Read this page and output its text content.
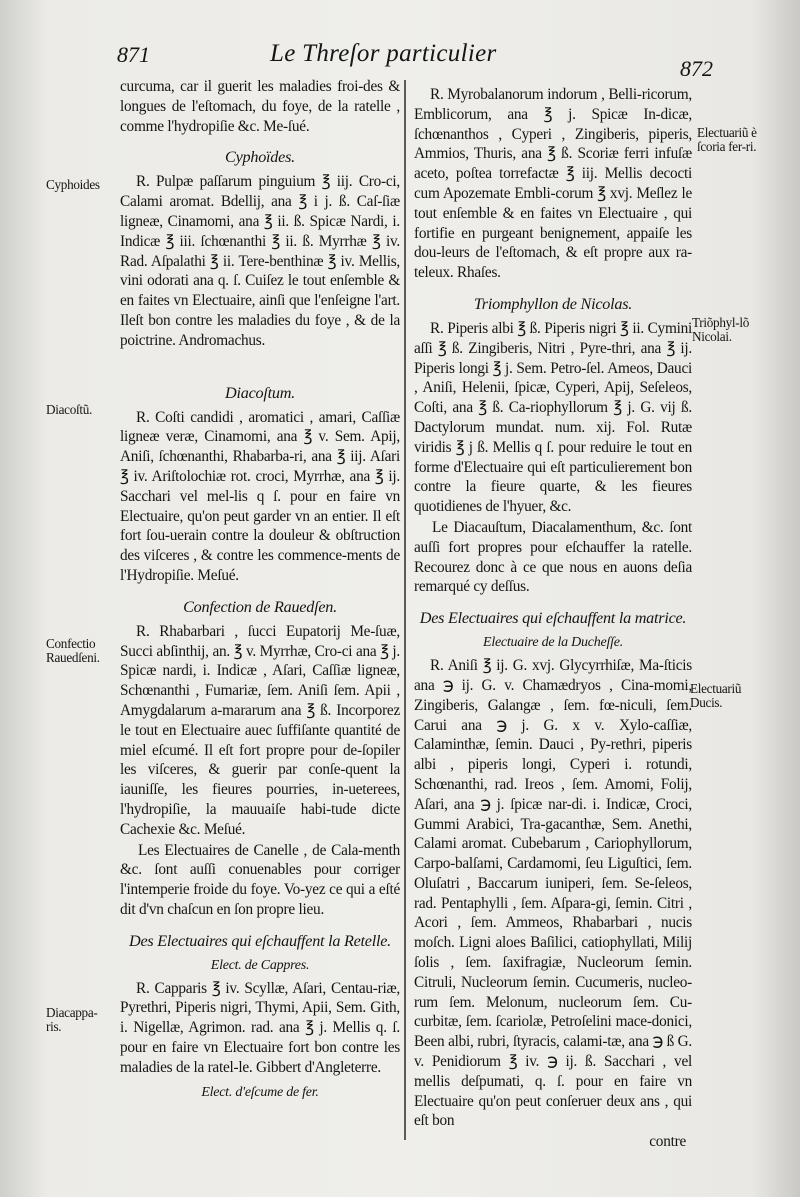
871	Le Threſor particulier
872
Cyphoides
Diacoſtũ.
Confectio Rauedſeni.
Diacappa-ris.
Electuariũ è ſcoria fer-ri.
Triõphyl-lõ Nicolai.
Electuariũ Ducis.

curcuma, car il guerit les maladies froi-des & longues de l'eſtomach, du foye, de la ratelle , comme l'hydropiſie &c. Me-ſué.

Cyphoïdes.

R. Pulpæ paſſarum pinguium ℥ iij. Cro-ci, Calami aromat. Bdellij, ana ℥ i j. ß. Caſ-ſiæ ligneæ, Cinamomi, ana ℥ ii. ß. Spicæ Nardi, i. Indicæ ℥ iii. ſchœnanthi ℥ ii. ß. Myrrhæ ℥ iv. Rad. Aſpalathi ℥ ii. Tere-benthinæ ℥ iv. Mellis, vini odorati ana q. ſ. Cuiſez le tout enſemble & en faites vn Electuaire, ainſi que l'enſeigne l'art. Ileſt bon contre les maladies du foye , & de la poictrine. Andromachus.

Diacoſtum.

R. Coſti candidi , aromatici , amari, Caſſiæ ligneæ veræ, Cinamomi, ana ℥ v. Sem. Apij, Aniſi, ſchœnanthi, Rhabarba-ri, ana ℥ iij. Aſari ℥ iv. Ariſtolochiæ rot. croci, Myrrhæ, ana ℥ ij. Sacchari vel mel-lis q ſ. pour en faire vn Electuaire, qu'on peut garder vn an entier. Il eſt fort ſou-uerain contre la douleur & obſtruction des viſceres , & contre les commence-ments de l'Hydropiſie. Meſué.

Confection de Rauedſen.

R. Rhabarbari , ſucci Eupatorij Me-ſuæ, Succi abſinthij, an. ℥ v. Myrrhæ, Cro-ci ana ℥ j. Spicæ nardi, i. Indicæ , Aſari, Caſſiæ ligneæ, Schœnanthi , Fumariæ, ſem. Aniſi ſem. Apii , Amygdalarum a-mararum ana ℥ ß. Incorporez le tout en Electuaire auec ſuffiſante quantité de miel eſcumé. Il eſt fort propre pour de-ſopiler les viſceres, & guerir par conſe-quent la iauniſſe, les fieures pourries, in-ueterees, l'hydropiſie, la mauuaiſe habi-tude dicte Cachexie &c. Meſué.

Les Electuaires de Canelle , de Cala-menth &c. ſont auſſi conuenables pour corriger l'intemperie froide du foye. Vo-yez ce qui a eſté dit d'vn chaſcun en ſon propre lieu.

Des Electuaires qui eſchauffent la Retelle.
Elect. de Cappres.

R. Capparis ℥ iv. Scyllæ, Aſari, Centau-riæ, Pyrethri, Piperis nigri, Thymi, Apii, Sem. Gith, i. Nigellæ, Agrimon. rad. ana ℥ j. Mellis q. ſ. pour en faire vn Electuaire fort bon contre les maladies de la ratel-le. Gibbert d'Angleterre.

Elect. d'eſcume de fer.

R. Myrobalanorum indorum , Belli-ricorum, Emblicorum, ana ℥ j. Spicæ In-dicæ, ſchœnanthos , Cyperi , Zingiberis, piperis, Ammios, Thuris, ana ℥ ß. Scoriæ ferri infuſæ aceto, poſtea torrefactæ ℥ iij. Mellis decocti cum Apozemate Embli-corum ℥ xvj. Meſlez le tout enſemble & en faites vn Electuaire , qui fortifie en purgeant benignement, appaiſe les dou-leurs de l'eſtomach, & eſt propre aux ra-teleux. Rhaſes.

Triomphyllon de Nicolas.

R. Piperis albi ℥ ß. Piperis nigri ℥ ii. Cymini aſſi ℥ ß. Zingiberis, Nitri , Pyre-thri, ana ℥ ij. Piperis longi ℥ j. Sem. Petro-ſel. Ameos, Dauci , Aniſi, Helenii, ſpicæ, Cyperi, Apij, Seſeleos, Coſti, ana ℥ ß. Ca-riophyllorum ℥ j. G. vij ß. Dactylorum mundat. num. xij. Fol. Rutæ viridis ℥ j ß. Mellis q ſ. pour reduire le tout en forme d'Electuaire qui eſt particulierement bon contre la fieure quarte, & les fieures quotidienes de l'hyuer, &c.

Le Diacauſtum, Diacalamenthum, &c. ſont auſſi fort propres pour eſchauffer la ratelle. Recourez donc à ce que nous en auons deſia remarqué cy deſſus.

Des Electuaires qui eſchauffent la matrice.
Electuaire de la Ducheſſe.

R. Aniſi ℥ ij. G. xvj. Glycyrrhiſæ, Ma-ſticis ana ℈ ij. G. v. Chamædryos , Cina-momi, Zingiberis, Galangæ , ſem. fœ-niculi, ſem. Carui ana ℈ j. G. x v. Xylo-caſſiæ, Calaminthæ, ſemin. Dauci , Py-rethri, piperis albi , piperis longi, Cyperi i. rotundi, Schœnanthi, rad. Ireos , ſem. Amomi, Folij, Aſari, ana ℈ j. ſpicæ nar-di. i. Indicæ, Croci, Gummi Arabici, Tra-gacanthæ, Sem. Anethi, Calami aromat. Cubebarum , Cariophyllorum, Carpo-balſami, Cardamomi, ſeu Liguſtici, ſem. Oluſatri , Baccarum iuniperi, ſem. Se-ſeleos, rad. Pentaphylli , ſem. Aſpara-gi, ſemin. Citri , Acori , ſem. Ammeos, Rhabarbari , nucis moſch. Ligni aloes Baſilici, catiophyllati, Milij ſolis , ſem. ſaxifragiæ, Nucleorum ſemin. Citruli, Nucleorum ſemin. Cucumeris, nucleo-rum ſem. Melonum, nucleorum ſem. Cu-curbitæ, ſem. ſcariolæ, Petroſelini mace-donici, Been albi, rubri, ſtyracis, calami-tæ, ana ℈ ß G. v. Penidiorum ℥ iv. ℈ ij. ß. Sacchari , vel mellis deſpumati, q. ſ. pour en faire vn Electuaire qu'on peut conſeruer deux ans , qui eſt bon

contre
